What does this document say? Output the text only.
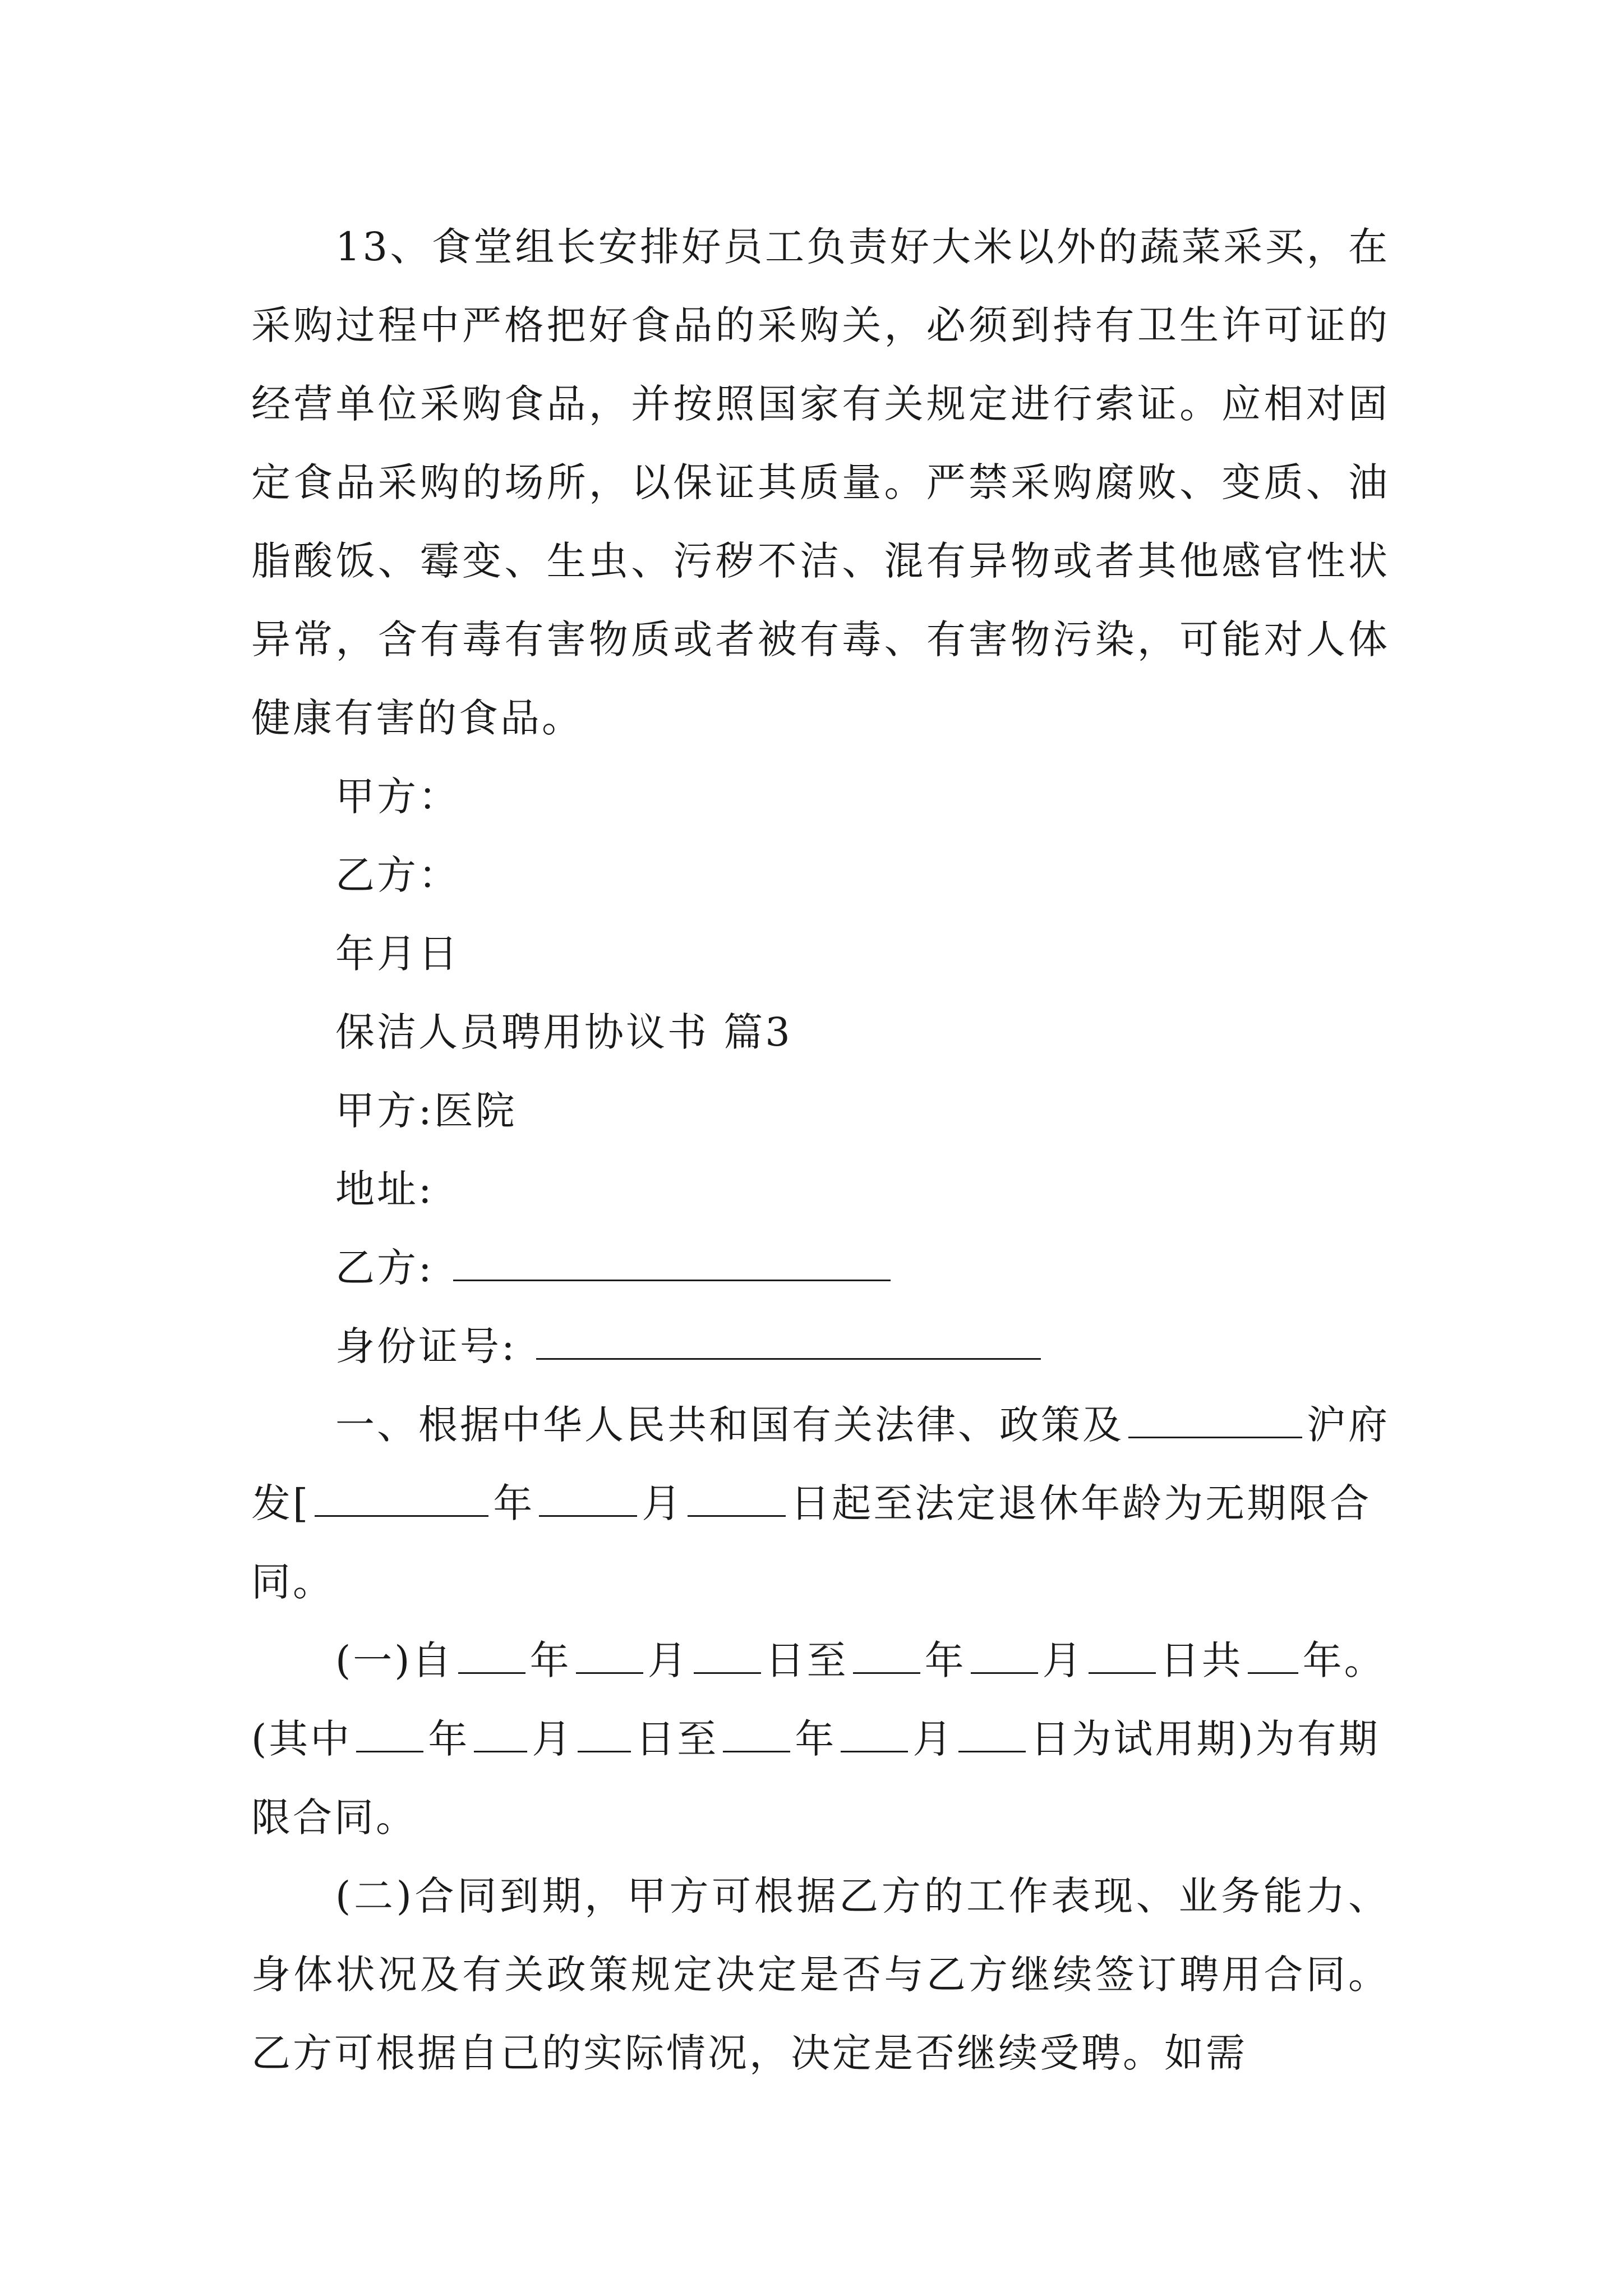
13、食堂组长安排好员工负责好大米以外的蔬菜采买，在采购过程中严格把好食品的采购关，必须到持有卫生许可证的经营单位采购食品，并按照国家有关规定进行索证。应相对固定食品采购的场所，以保证其质量。严禁采购腐败、变质、油脂酸饭、霉变、生虫、污秽不洁、混有异物或者其他感官性状异常，含有毒有害物质或者被有毒、有害物污染，可能对人体健康有害的食品。

甲方：

乙方：

年月日

保洁人员聘用协议书 篇3

甲方:医院

地址:

乙方:

身份证号:

一、根据中华人民共和国有关法律、政策及	沪府发[	年	月	日起至法定退休年龄为无期限合同。

(一)自 年 月 日至 年 月 日共 年。(其中 年 月 日至 年 月 日为试用期)为有期限合同。

(二)合同到期，甲方可根据乙方的工作表现、业务能力、身体状况及有关政策规定决定是否与乙方继续签订聘用合同。乙方可根据自己的实际情况，决定是否继续受聘。如需
